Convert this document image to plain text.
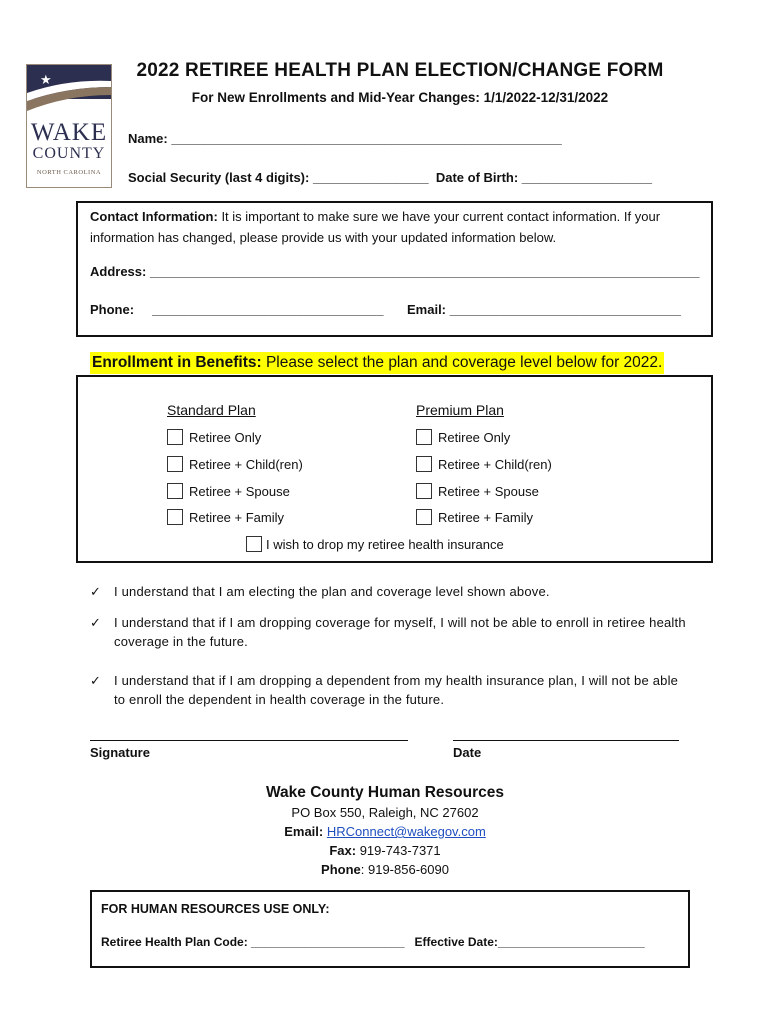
★
WAKE
COUNTY
NORTH CAROLINA
2022 RETIREE HEALTH PLAN ELECTION/CHANGE FORM
For New Enrollments and Mid-Year Changes: 1/1/2022-12/31/2022
Name: ______________________________________________________
Social Security (last 4 digits): ________________  Date of Birth: __________________
Contact Information: It is important to make sure we have your current contact information. If your information has changed, please provide us with your updated information below.
Address: ____________________________________________________________________________
Phone:     ________________________________ Email: ________________________________
Enrollment in Benefits: Please select the plan and coverage level below for 2022.
Standard Plan	Premium Plan
Retiree Only
Retiree + Child(ren)
Retiree + Spouse
Retiree + Family
Retiree Only
Retiree + Child(ren)
Retiree + Spouse
Retiree + Family
I wish to drop my retiree health insurance
✓ I understand that I am electing the plan and coverage level shown above.
✓ I understand that if I am dropping coverage for myself, I will not be able to enroll in retiree health coverage in the future.
✓ I understand that if I am dropping a dependent from my health insurance plan, I will not be able to enroll the dependent in health coverage in the future.
Signature	Date
Wake County Human Resources
PO Box 550, Raleigh, NC 27602
Email: HRConnect@wakegov.com
Fax: 919-743-7371
Phone: 919-856-6090
FOR HUMAN RESOURCES USE ONLY:
Retiree Health Plan Code: _______________________   Effective Date:______________________
